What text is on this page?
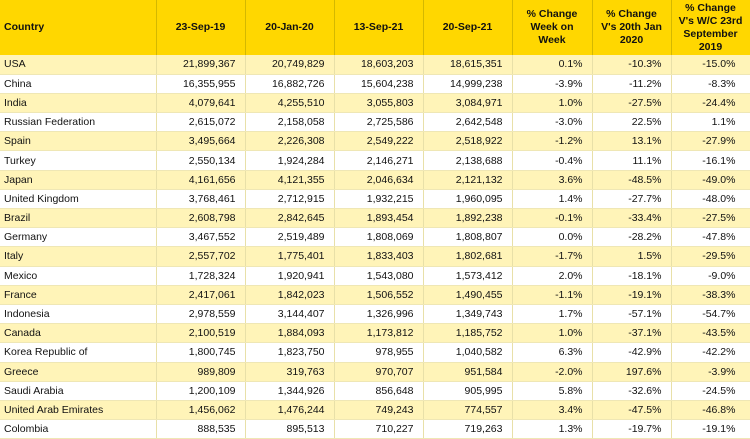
Country	23-Sep-19	20-Jan-20	13-Sep-21	20-Sep-21	% Change Week on Week	% Change V's 20th Jan 2020	% Change V's W/C 23rd September 2019
USA	21,899,367	20,749,829	18,603,203	18,615,351	0.1%	-10.3%	-15.0%
China	16,355,955	16,882,726	15,604,238	14,999,238	-3.9%	-11.2%	-8.3%
India	4,079,641	4,255,510	3,055,803	3,084,971	1.0%	-27.5%	-24.4%
Russian Federation	2,615,072	2,158,058	2,725,586	2,642,548	-3.0%	22.5%	1.1%
Spain	3,495,664	2,226,308	2,549,222	2,518,922	-1.2%	13.1%	-27.9%
Turkey	2,550,134	1,924,284	2,146,271	2,138,688	-0.4%	11.1%	-16.1%
Japan	4,161,656	4,121,355	2,046,634	2,121,132	3.6%	-48.5%	-49.0%
United Kingdom	3,768,461	2,712,915	1,932,215	1,960,095	1.4%	-27.7%	-48.0%
Brazil	2,608,798	2,842,645	1,893,454	1,892,238	-0.1%	-33.4%	-27.5%
Germany	3,467,552	2,519,489	1,808,069	1,808,807	0.0%	-28.2%	-47.8%
Italy	2,557,702	1,775,401	1,833,403	1,802,681	-1.7%	1.5%	-29.5%
Mexico	1,728,324	1,920,941	1,543,080	1,573,412	2.0%	-18.1%	-9.0%
France	2,417,061	1,842,023	1,506,552	1,490,455	-1.1%	-19.1%	-38.3%
Indonesia	2,978,559	3,144,407	1,326,996	1,349,743	1.7%	-57.1%	-54.7%
Canada	2,100,519	1,884,093	1,173,812	1,185,752	1.0%	-37.1%	-43.5%
Korea Republic of	1,800,745	1,823,750	978,955	1,040,582	6.3%	-42.9%	-42.2%
Greece	989,809	319,763	970,707	951,584	-2.0%	197.6%	-3.9%
Saudi Arabia	1,200,109	1,344,926	856,648	905,995	5.8%	-32.6%	-24.5%
United Arab Emirates	1,456,062	1,476,244	749,243	774,557	3.4%	-47.5%	-46.8%
Colombia	888,535	895,513	710,227	719,263	1.3%	-19.7%	-19.1%
